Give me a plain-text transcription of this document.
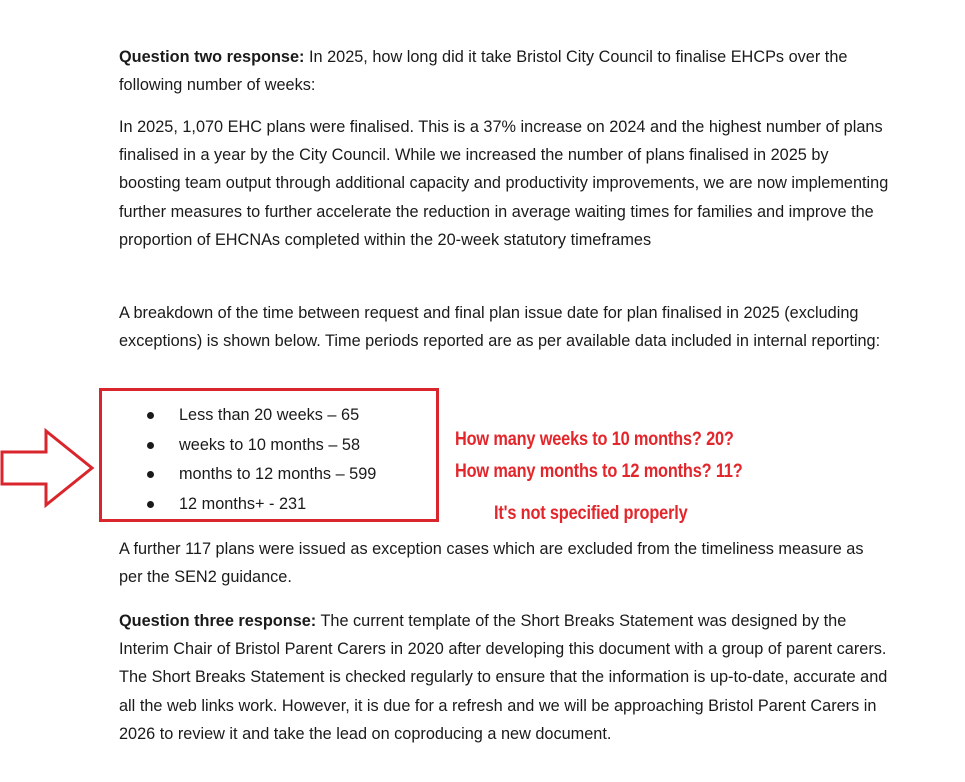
Question two response: In 2025, how long did it take Bristol City Council to finalise EHCPs over the following number of weeks:

In 2025, 1,070 EHC plans were finalised. This is a 37% increase on 2024 and the highest number of plans finalised in a year by the City Council. While we increased the number of plans finalised in 2025 by boosting team output through additional capacity and productivity improvements, we are now implementing further measures to further accelerate the reduction in average waiting times for families and improve the proportion of EHCNAs completed within the 20-week statutory timeframes

A breakdown of the time between request and final plan issue date for plan finalised in 2025 (excluding exceptions) is shown below. Time periods reported are as per available data included in internal reporting:

Less than 20 weeks – 65
weeks to 10 months – 58
months to 12 months – 599
12 months+ - 231
How many weeks to 10 months? 20?
How many months to 12 months? 11?
It's not specified properly

A further 117 plans were issued as exception cases which are excluded from the timeliness measure as per the SEN2 guidance.

Question three response: The current template of the Short Breaks Statement was designed by the Interim Chair of Bristol Parent Carers in 2020 after developing this document with a group of parent carers. The Short Breaks Statement is checked regularly to ensure that the information is up-to-date, accurate and all the web links work. However, it is due for a refresh and we will be approaching Bristol Parent Carers in 2026 to review it and take the lead on coproducing a new document.
